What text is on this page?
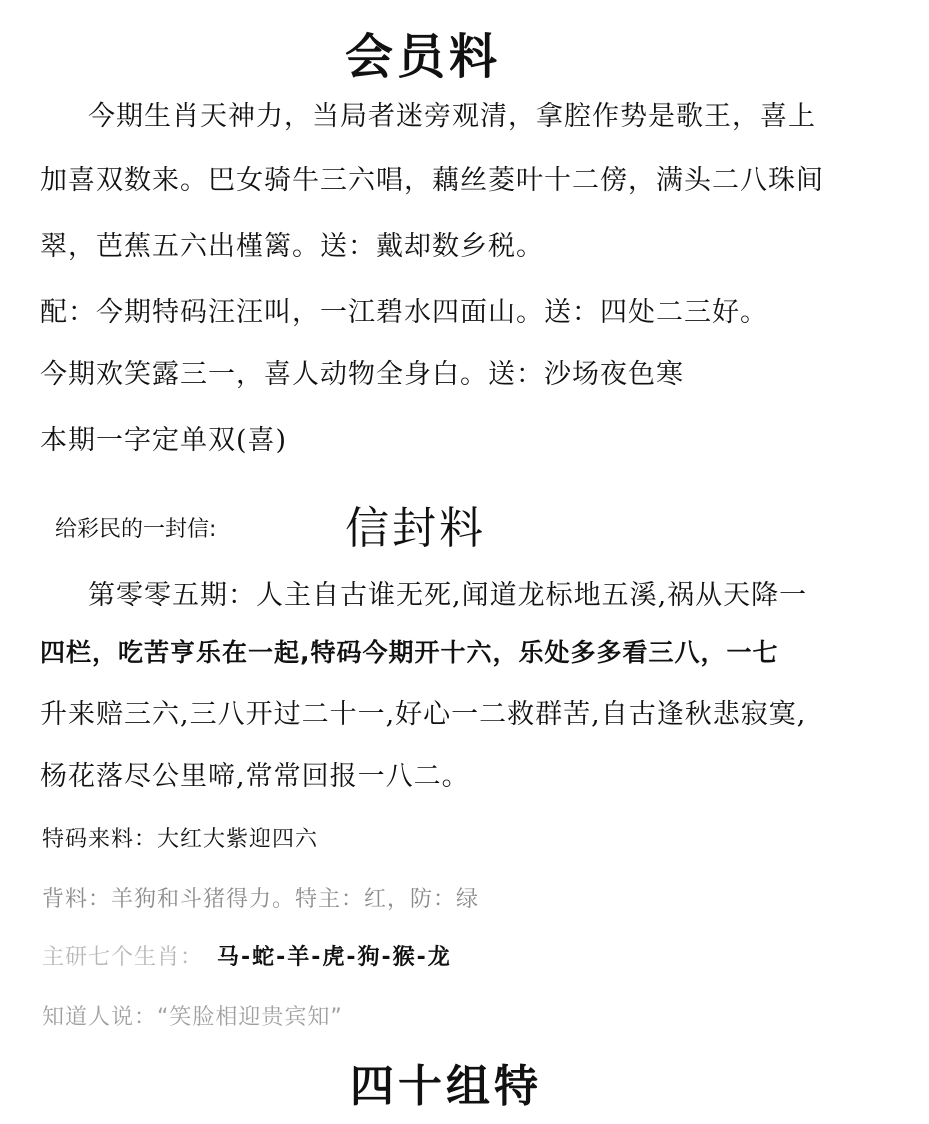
会员料
今期生肖天神力，当局者迷旁观清，拿腔作势是歌王，喜上
加喜双数来。巴女骑牛三六唱，藕丝菱叶十二傍，满头二八珠间
翠，芭蕉五六出槿篱。送：戴却数乡税。
配：今期特码汪汪叫，一江碧水四面山。送：四处二三好。
今期欢笑露三一，喜人动物全身白。送：沙场夜色寒
本期一字定单双(喜)
给彩民的一封信:	信封料
第零零五期：人主自古谁无死,闻道龙标地五溪,祸从天降一
四栏，吃苦亨乐在一起,特码今期开十六，乐处多多看三八，一七
升来赔三六,三八开过二十一,好心一二救群苦,自古逢秋悲寂寞,
杨花落尽公里啼,常常回报一八二。
特码来料：大红大紫迎四六
背料：羊狗和斗猪得力。特主：红，防：绿
主研七个生肖： 马-蛇-羊-虎-狗-猴-龙
知道人说：“笑脸相迎贵宾知”
四十组特
